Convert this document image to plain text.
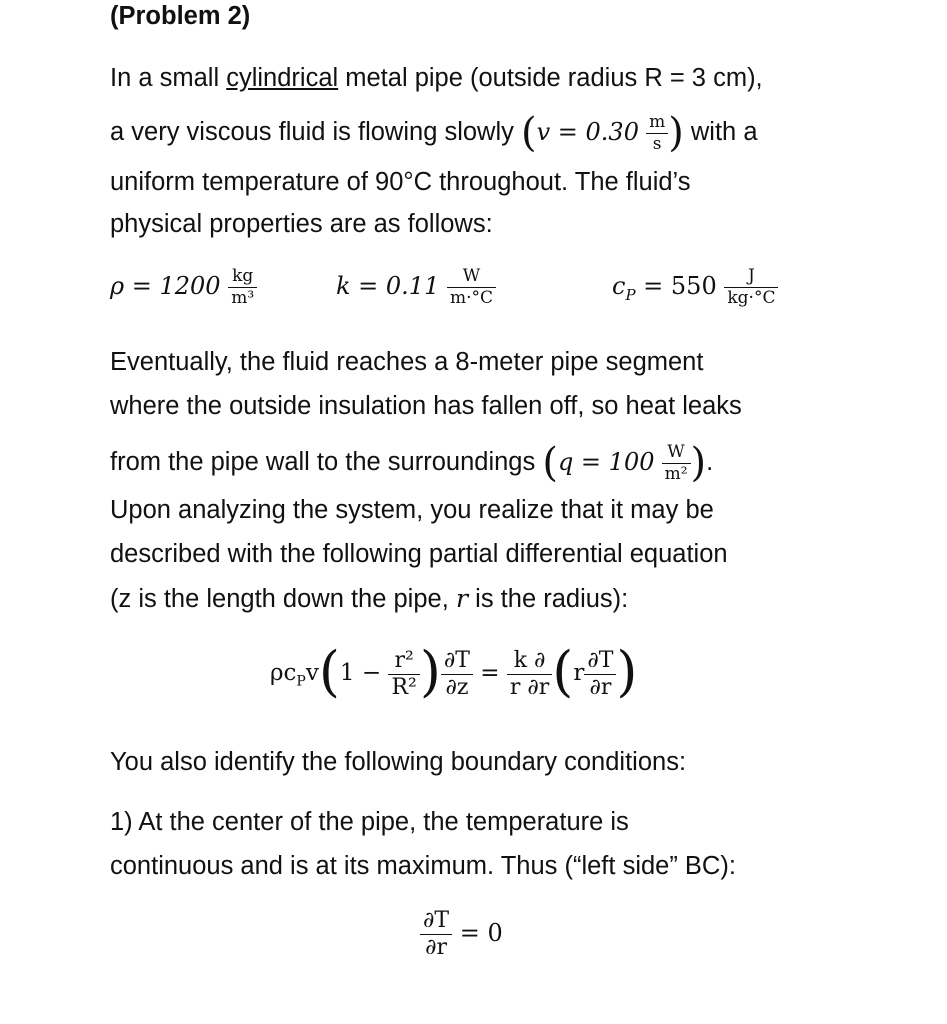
(Problem 2)
In a small cylindrical metal pipe (outside radius R = 3 cm),
a very viscous fluid is flowing slowly ($v = 0.30 \frac{m}{s}$ ) with a
uniform temperature of 90°C throughout. The fluid’s
physical properties are as follows:
$\rho = 1200 \frac{kg}{\text{m³}}$	$k = 0.11 \frac{W}{m\cdot^\circ C}$	$c_P = 550 \frac{J}{kg\cdot^\circ C}$
Eventually, the fluid reaches a 8-meter pipe segment
where the outside insulation has fallen off, so heat leaks
from the pipe wall to the surroundings ($q = 100 \frac{W}{\text{m²}}$ ).
Upon analyzing the system, you realize that it may be
described with the following partial differential equation
(z is the length down the pipe, r is the radius):
$\rho c_Pv(1 - \frac{\text{r²}}{\text{R²}}$ ) $\frac{\partial T}{\partial z} = \frac{k \partial}{r \partial r} (r \frac{\partial T}{\partial r}$ )
You also identify the following boundary conditions:
1) At the center of the pipe, the temperature is
continuous and is at its maximum. Thus (“left side” BC):
$\frac{\partial T}{\partial r} = 0$
